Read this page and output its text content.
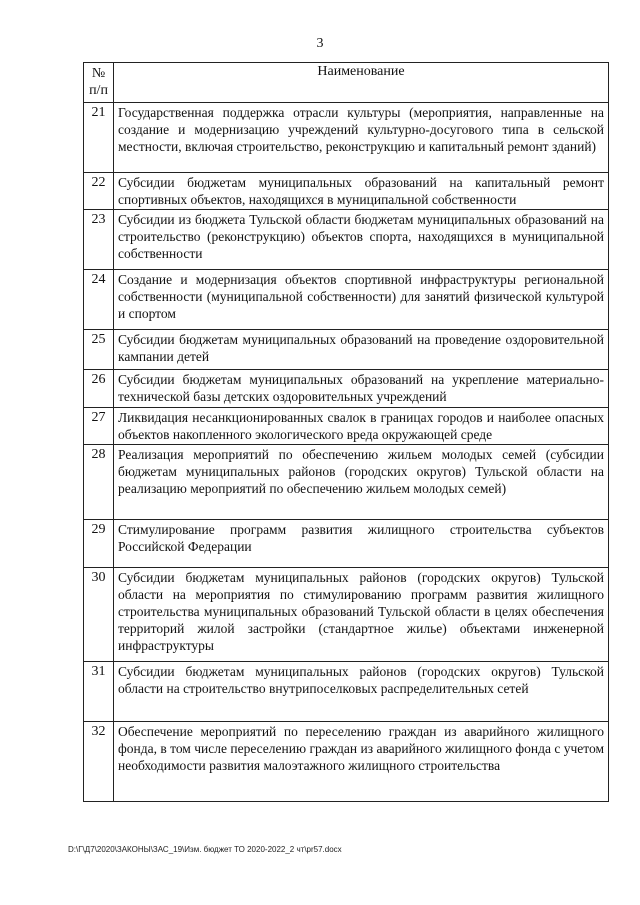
3
№
п/п	Наименование
21	Государственная поддержка отрасли культуры (мероприятия, направленные на создание и модернизацию учреждений культурно-досугового типа в сельской местности, включая строительство, реконструкцию и капитальный ремонт зданий)
22	Субсидии бюджетам муниципальных образований на капитальный ремонт спортивных объектов, находящихся в муниципальной собственности
23	Субсидии из бюджета Тульской области бюджетам муниципальных образований на строительство (реконструкцию) объектов спорта, находящихся в муниципальной собственности
24	Создание и модернизация объектов спортивной инфраструктуры региональной собственности (муниципальной собственности) для занятий физической культурой и спортом
25	Субсидии бюджетам муниципальных образований на проведение оздоровительной кампании детей
26	Субсидии бюджетам муниципальных образований на укрепление материально-технической базы детских оздоровительных учреждений
27	Ликвидация несанкционированных свалок в границах городов и наиболее опасных объектов накопленного экологического вреда окружающей среде
28	Реализация мероприятий по обеспечению жильем молодых семей (субсидии бюджетам муниципальных районов (городских округов) Тульской области на реализацию мероприятий по обеспечению жильем молодых семей)
29	Стимулирование программ развития жилищного строительства субъектов Российской Федерации
30	Субсидии бюджетам муниципальных районов (городских округов) Тульской области на мероприятия по стимулированию программ развития жилищного строительства муниципальных образований Тульской области в целях обеспечения территорий жилой застройки (стандартное жилье) объектами инженерной инфраструктуры
31	Субсидии бюджетам муниципальных районов (городских округов) Тульской области на строительство внутрипоселковых распределительных сетей
32	Обеспечение мероприятий по переселению граждан из аварийного жилищного фонда, в том числе переселению граждан из аварийного жилищного фонда с учетом необходимости развития малоэтажного жилищного строительства
D:\Г\Д7\2020\ЗАКОНЫ\ЗАС_19\Изм. бюджет ТО 2020-2022_2 чт\pr57.docx
